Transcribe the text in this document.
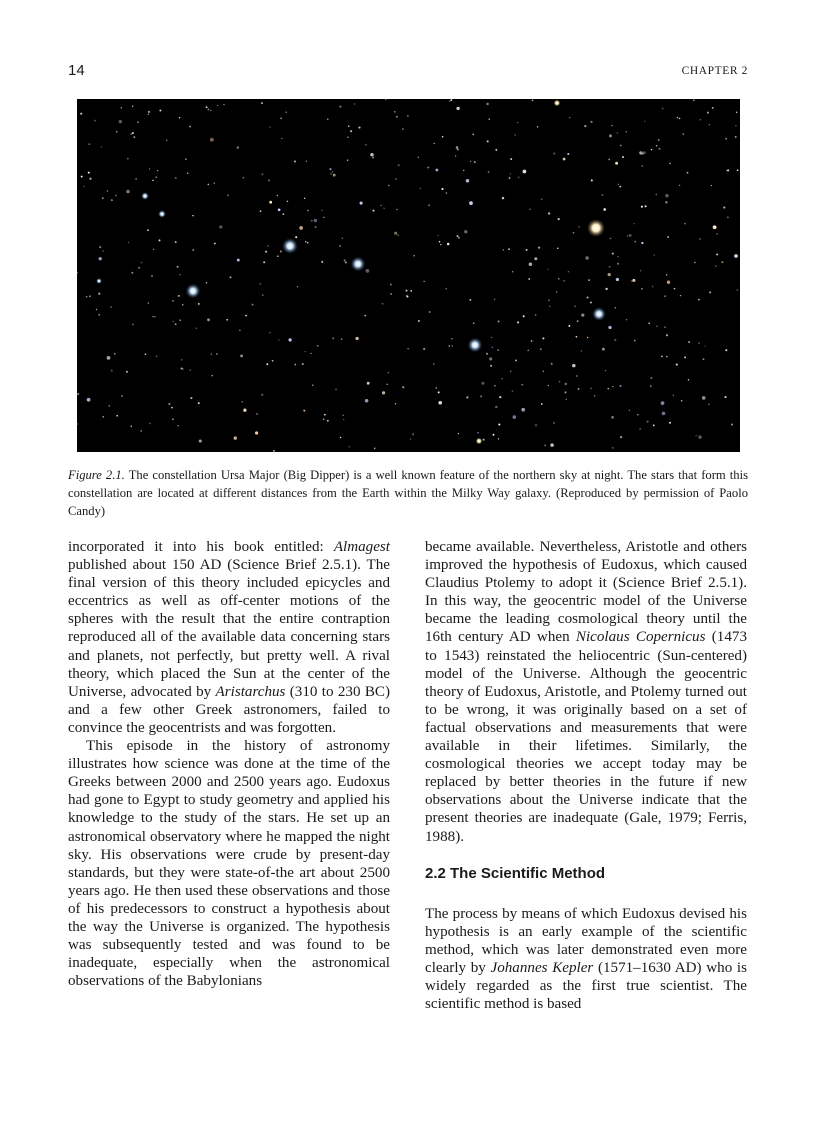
14	CHAPTER 2
Figure 2.1. The constellation Ursa Major (Big Dipper) is a well known feature of the northern sky at night. The stars that form this constellation are located at different distances from the Earth within the Milky Way galaxy. (Reproduced by permission of Paolo Candy)

incorporated it into his book entitled: Almagest published about 150 AD (Science Brief 2.5.1). The final version of this theory included epicycles and eccentrics as well as off-center motions of the spheres with the result that the entire contraption reproduced all of the available data concerning stars and planets, not perfectly, but pretty well. A rival theory, which placed the Sun at the center of the Universe, advocated by Aristarchus (310 to 230 BC) and a few other Greek astronomers, failed to convince the geocentrists and was forgotten.

This episode in the history of astronomy illustrates how science was done at the time of the Greeks between 2000 and 2500 years ago. Eudoxus had gone to Egypt to study geometry and applied his knowledge to the study of the stars. He set up an astronomical observatory where he mapped the night sky. His observations were crude by present-day standards, but they were state-of-the art about 2500 years ago. He then used these observations and those of his predecessors to construct a hypothesis about the way the Universe is organized. The hypothesis was subsequently tested and was found to be inadequate, especially when the astronomical observations of the Babylonians

became available. Nevertheless, Aristotle and others improved the hypothesis of Eudoxus, which caused Claudius Ptolemy to adopt it (Science Brief 2.5.1). In this way, the geocentric model of the Universe became the leading cosmological theory until the 16th century AD when Nicolaus Copernicus (1473 to 1543) reinstated the heliocentric (Sun-centered) model of the Universe. Although the geocentric theory of Eudoxus, Aristotle, and Ptolemy turned out to be wrong, it was originally based on a set of factual observations and measurements that were available in their lifetimes. Similarly, the cosmological theories we accept today may be replaced by better theories in the future if new observations about the Universe indicate that the present theories are inadequate (Gale, 1979; Ferris, 1988).

2.2 The Scientific Method

The process by means of which Eudoxus devised his hypothesis is an early example of the scientific method, which was later demonstrated even more clearly by Johannes Kepler (1571–1630 AD) who is widely regarded as the first true scientist. The scientific method is based
